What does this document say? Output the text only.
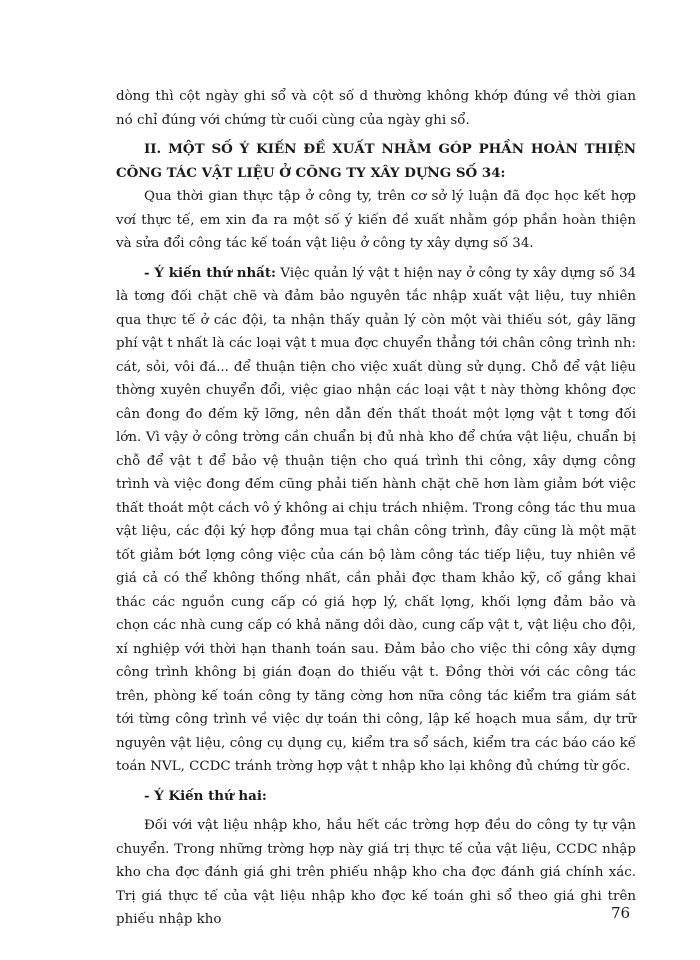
dòng thì cột ngày ghi sổ và cột số d thường không khớp đúng về thời gian nó chỉ đúng với chứng từ cuối cùng của ngày ghi sổ.

II. MỘT SỐ Ý KIẾN ĐỀ XUẤT NHẰM GÓP PHẦN HOÀN THIỆN CÔNG TÁC VẬT LIỆU Ở CÔNG TY XÂY DỰNG SỐ 34:

Qua thời gian thực tập ở công ty, trên cơ sở lý luận đã đọc học kết hợp vơí thực tế, em xin đa ra một số ý kiến đề xuất nhằm góp phần hoàn thiện và sửa đổi công tác kế toán vật liệu ở công ty xây dựng số 34.

- Ý kiến thứ nhất: Việc quản lý vật t hiện nay ở công ty xây dựng số 34 là tơng đối chặt chẽ và đảm bảo nguyên tắc nhập xuất vật liệu, tuy nhiên qua thực tế ở các đội, ta nhận thấy quản lý còn một vài thiếu sót, gây lãng phí vật t nhất là các loại vật t mua đợc chuyển thẳng tới chân công trình nh: cát, sỏi, vôi đá... để thuận tiện cho việc xuất dùng sử dụng. Chỗ để vật liệu thờng xuyên chuyển đổi, việc giao nhận các loại vật t này thờng không đợc cân đong đo đếm kỹ lỡng, nên dẫn đến thất thoát một lợng vật t tơng đối lớn. Vì vậy ở công trờng cần chuẩn bị đủ nhà kho để chứa vật liệu, chuẩn bị chỗ để vật t để bảo vệ thuận tiện cho quá trình thi công, xây dựng công trình và việc đong đếm cũng phải tiến hành chặt chẽ hơn làm giảm bớt việc thất thoát một cách vô ý không ai chịu trách nhiệm. Trong công tác thu mua vật liệu, các đội ký hợp đồng mua tại chân công trình, đây cũng là một mặt tốt giảm bớt lợng công việc của cán bộ làm công tác tiếp liệu, tuy nhiên về giá cả có thể không thống nhất, cần phải đợc tham khảo kỹ, cố gắng khai thác các nguồn cung cấp có giá hợp lý, chất lợng, khối lợng đảm bảo và chọn các nhà cung cấp có khả năng dồi dào, cung cấp vật t, vật liệu cho đội, xí nghiệp với thời hạn thanh toán sau. Đảm bảo cho việc thi công xây dựng công trình không bị gián đoạn do thiếu vật t. Đồng thời với các công tác trên, phòng kế toán công ty tăng cờng hơn nữa công tác kiểm tra giám sát tới từng công trình về việc dự toán thi công, lập kế hoạch mua sắm, dự trữ nguyên vật liệu, công cụ dụng cụ, kiểm tra sổ sách, kiểm tra các báo cáo kế toán NVL, CCDC tránh trờng hợp vật t nhập kho lại không đủ chứng từ gốc.

- Ý Kiến thứ hai:

Đối với vật liệu nhập kho, hầu hết các trờng hợp đều do công ty tự vận chuyển. Trong những trờng hợp này giá trị thực tế của vật liệu, CCDC nhập kho cha đợc đánh giá ghi trên phiếu nhập kho cha đợc đánh giá chính xác. Trị giá thực tế của vật liệu nhập kho đợc kế toán ghi sổ theo giá ghi trên phiếu nhập kho	76
